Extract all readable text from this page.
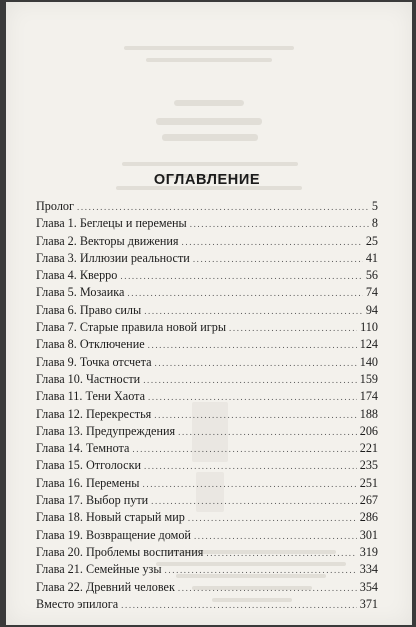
ОГЛАВЛЕНИЕ
Пролог .....	5
Глава 1. Беглецы и перемены .....	8
Глава 2. Векторы движения .....	25
Глава 3. Иллюзии реальности .....	41
Глава 4. Кверро .....	56
Глава 5. Мозаика .....	74
Глава 6. Право силы .....	94
Глава 7. Старые правила новой игры .....	110
Глава 8. Отключение .....	124
Глава 9. Точка отсчета .....	140
Глава 10. Частности .....	159
Глава 11. Тени Хаота .....	174
Глава 12. Перекрестья .....	188
Глава 13. Предупреждения .....	206
Глава 14. Темнота .....	221
Глава 15. Отголоски .....	235
Глава 16. Перемены .....	251
Глава 17. Выбор пути .....	267
Глава 18. Новый старый мир .....	286
Глава 19. Возвращение домой .....	301
Глава 20. Проблемы воспитания .....	319
Глава 21. Семейные узы .....	334
Глава 22. Древний человек .....	354
Вместо эпилога .....	371
